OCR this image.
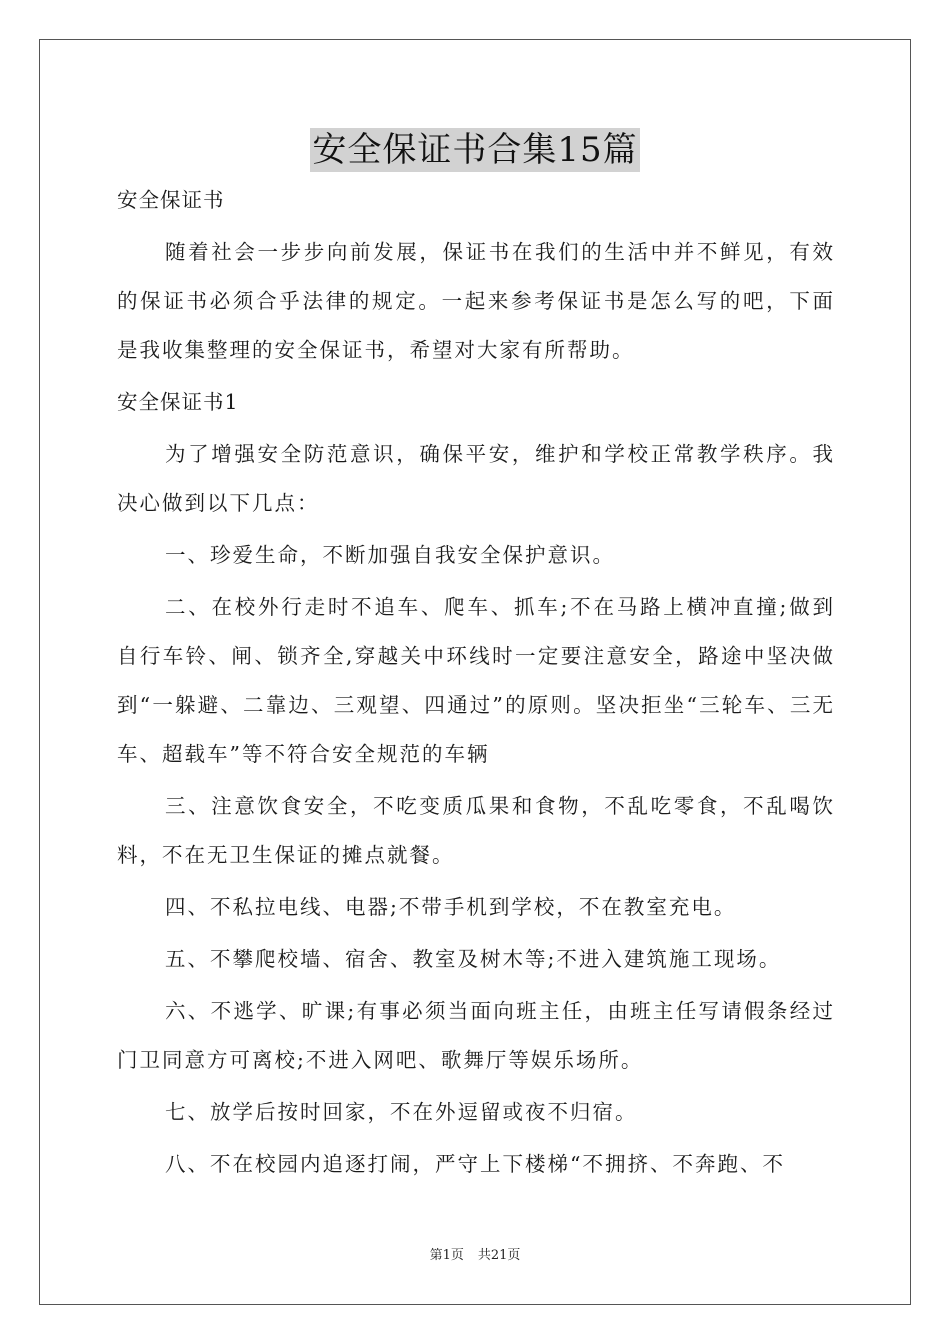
安全保证书合集15篇

安全保证书

随着社会一步步向前发展，保证书在我们的生活中并不鲜见，有效的保证书必须合乎法律的规定。一起来参考保证书是怎么写的吧，下面是我收集整理的安全保证书，希望对大家有所帮助。

安全保证书1

为了增强安全防范意识，确保平安，维护和学校正常教学秩序。我决心做到以下几点：

一、珍爱生命，不断加强自我安全保护意识。

二、在校外行走时不追车、爬车、抓车;不在马路上横冲直撞;做到自行车铃、闸、锁齐全,穿越关中环线时一定要注意安全，路途中坚决做到“一躲避、二靠边、三观望、四通过”的原则。坚决拒坐“三轮车、三无车、超载车”等不符合安全规范的车辆

三、注意饮食安全，不吃变质瓜果和食物，不乱吃零食，不乱喝饮料，不在无卫生保证的摊点就餐。

四、不私拉电线、电器;不带手机到学校，不在教室充电。

五、不攀爬校墙、宿舍、教室及树木等;不进入建筑施工现场。

六、不逃学、旷课;有事必须当面向班主任，由班主任写请假条经过门卫同意方可离校;不进入网吧、歌舞厅等娱乐场所。

七、放学后按时回家，不在外逗留或夜不归宿。

八、不在校园内追逐打闹，严守上下楼梯“不拥挤、不奔跑、不

第1页 共21页
